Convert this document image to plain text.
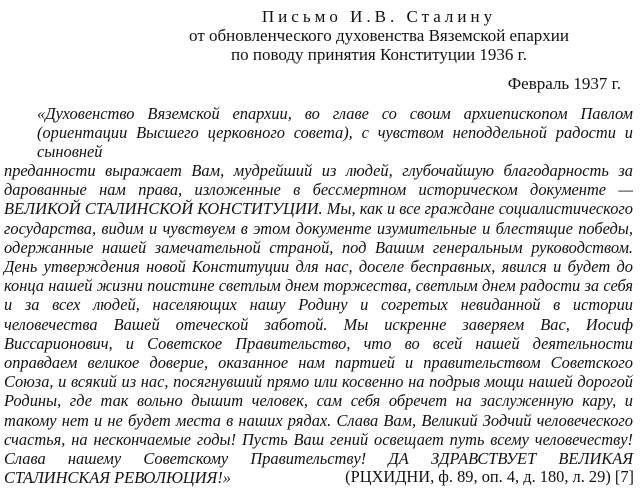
Письмо И.В. Сталину
от обновленческого духовенства Вяземской епархии
по поводу принятия Конституции 1936 г.
Февраль 1937 г.

«Духовенство Вяземской епархии, во главе со своим архиепископом Павлом (ориентации Высшего церковного совета), с чувством неподдельной радости и сыновней

преданности выражает Вам, мудрейший из людей, глубочайшую благодарность за дарованные нам права, изложенные в бессмертном историческом документе — ВЕЛИКОЙ СТАЛИНСКОЙ КОНСТИТУЦИИ. Мы, как и все граждане социалистического государства, видим и чувствуем в этом документе изумительные и блестящие победы, одержанные нашей замечательной страной, под Вашим генеральным руководством. День утверждения новой Конституции для нас, доселе бесправных, явился и будет до конца нашей жизни поистине светлым днем торжества, светлым днем радости за себя и за всех людей, населяющих нашу Родину и согретых невиданной в истории человечества Вашей отеческой заботой. Мы искренне заверяем Вас, Иосиф Виссарионович, и Советское Правительство, что во всей нашей деятельности оправдаем великое доверие, оказанное нам партией и правительством Советского Союза, и всякий из нас, посягнувший прямо или косвенно на подрыв мощи нашей дорогой Родины, где так вольно дышит человек, сам себя обречет на заслуженную кару, и такому нет и не будет места в наших рядах. Слава Вам, Великий Зодчий человеческого счастья, на нескончаемые годы! Пусть Ваш гений освещает путь всему человечеству! Слава нашему Советскому Правительству! ДА ЗДРАВСТВУЕТ ВЕЛИКАЯ СТАЛИНСКАЯ РЕВОЛЮЦИЯ!»	(РЦХИДНИ, ф. 89, оп. 4, д. 180, л. 29) [7]
